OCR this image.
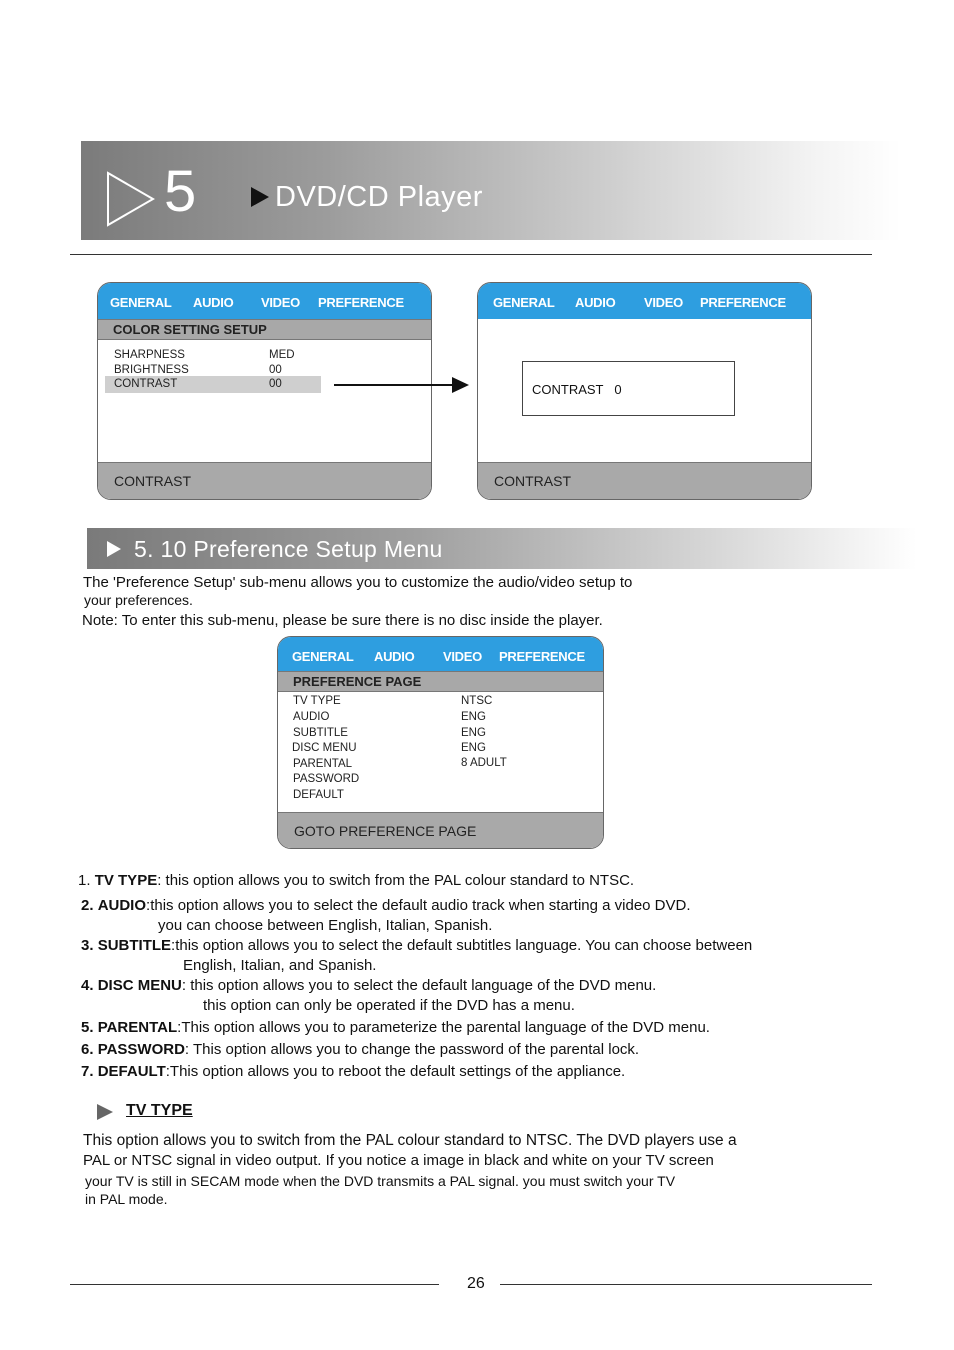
5	DVD/CD Player
GENERAL AUDIO VIDEO PREFERENCE
COLOR SETTING SETUP
SHARPNESS	MED
BRIGHTNESS	00
CONTRAST	00
CONTRAST
GENERAL AUDIO VIDEO PREFERENCE
CONTRAST 0
CONTRAST
5. 10 Preference Setup Menu
The 'Preference Setup' sub-menu allows you to customize the audio/video setup to
your preferences.
Note: To enter this sub-menu, please be sure there is no disc inside the player.
GENERAL AUDIO VIDEO PREFERENCE
PREFERENCE PAGE
TV TYPE	NTSC
AUDIO	ENG
SUBTITLE	ENG
DISC MENU	ENG
PARENTAL	8 ADULT
PASSWORD
DEFAULT
GOTO PREFERENCE PAGE
1. TV TYPE: this option allows you to switch from the PAL colour standard to NTSC.
2. AUDIO:this option allows you to select the default audio track when starting a video DVD.
you can choose between English, Italian, Spanish.
3. SUBTITLE:this option allows you to select the default subtitles language. You can choose between
English, Italian, and Spanish.
4. DISC MENU: this option allows you to select the default language of the DVD menu.
this option can only be operated if the DVD has a menu.
5. PARENTAL:This option allows you to parameterize the parental language of the DVD menu.
6. PASSWORD: This option allows you to change the password of the parental lock.
7. DEFAULT:This option allows you to reboot the default settings of the appliance.
TV TYPE
This option allows you to switch from the PAL colour standard to NTSC. The DVD players use a
PAL or NTSC signal in video output. If you notice a image in black and white on your TV screen
your TV is still in SECAM mode when the DVD transmits a PAL signal. you must switch your TV
in PAL mode.
26
